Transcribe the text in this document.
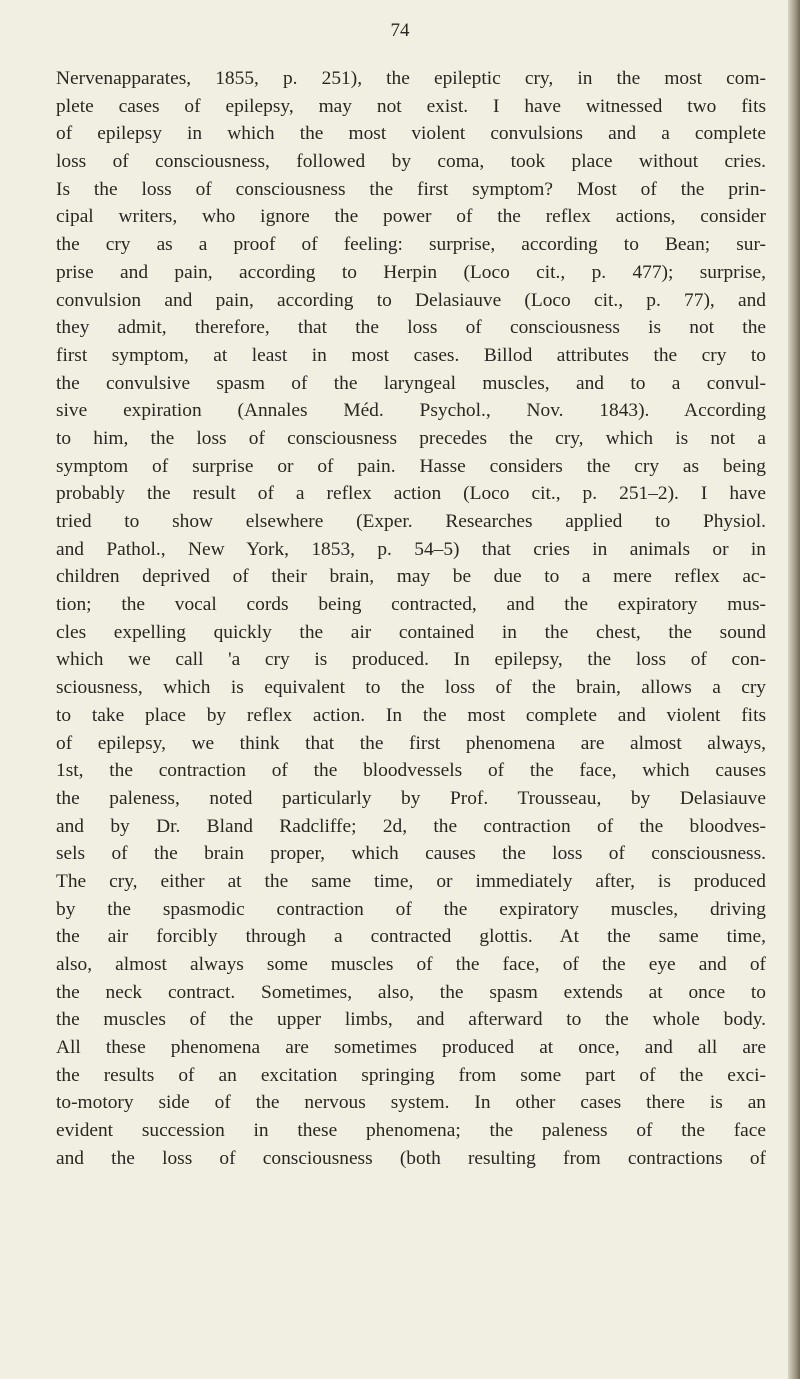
74
Nervenapparates, 1855, p. 251), the epileptic cry, in the most com-
plete cases of epilepsy, may not exist. I have witnessed two fits
of epilepsy in which the most violent convulsions and a complete
loss of consciousness, followed by coma, took place without cries.
Is the loss of consciousness the first symptom? Most of the prin-
cipal writers, who ignore the power of the reflex actions, consider
the cry as a proof of feeling: surprise, according to Bean; sur-
prise and pain, according to Herpin (Loco cit., p. 477); surprise,
convulsion and pain, according to Delasiauve (Loco cit., p. 77), and
they admit, therefore, that the loss of consciousness is not the
first symptom, at least in most cases. Billod attributes the cry to
the convulsive spasm of the laryngeal muscles, and to a convul-
sive expiration (Annales Méd. Psychol., Nov. 1843). According
to him, the loss of consciousness precedes the cry, which is not a
symptom of surprise or of pain. Hasse considers the cry as being
probably the result of a reflex action (Loco cit., p. 251–2). I have
tried to show elsewhere (Exper. Researches applied to Physiol.
and Pathol., New York, 1853, p. 54–5) that cries in animals or in
children deprived of their brain, may be due to a mere reflex ac-
tion; the vocal cords being contracted, and the expiratory mus-
cles expelling quickly the air contained in the chest, the sound
which we call 'a cry is produced. In epilepsy, the loss of con-
sciousness, which is equivalent to the loss of the brain, allows a cry
to take place by reflex action. In the most complete and violent fits
of epilepsy, we think that the first phenomena are almost always,
1st, the contraction of the bloodvessels of the face, which causes
the paleness, noted particularly by Prof. Trousseau, by Delasiauve
and by Dr. Bland Radcliffe; 2d, the contraction of the bloodves-
sels of the brain proper, which causes the loss of consciousness.
The cry, either at the same time, or immediately after, is produced
by the spasmodic contraction of the expiratory muscles, driving
the air forcibly through a contracted glottis. At the same time,
also, almost always some muscles of the face, of the eye and of
the neck contract. Sometimes, also, the spasm extends at once to
the muscles of the upper limbs, and afterward to the whole body.
All these phenomena are sometimes produced at once, and all are
the results of an excitation springing from some part of the exci-
to-motory side of the nervous system. In other cases there is an
evident succession in these phenomena; the paleness of the face
and the loss of consciousness (both resulting from contractions of
